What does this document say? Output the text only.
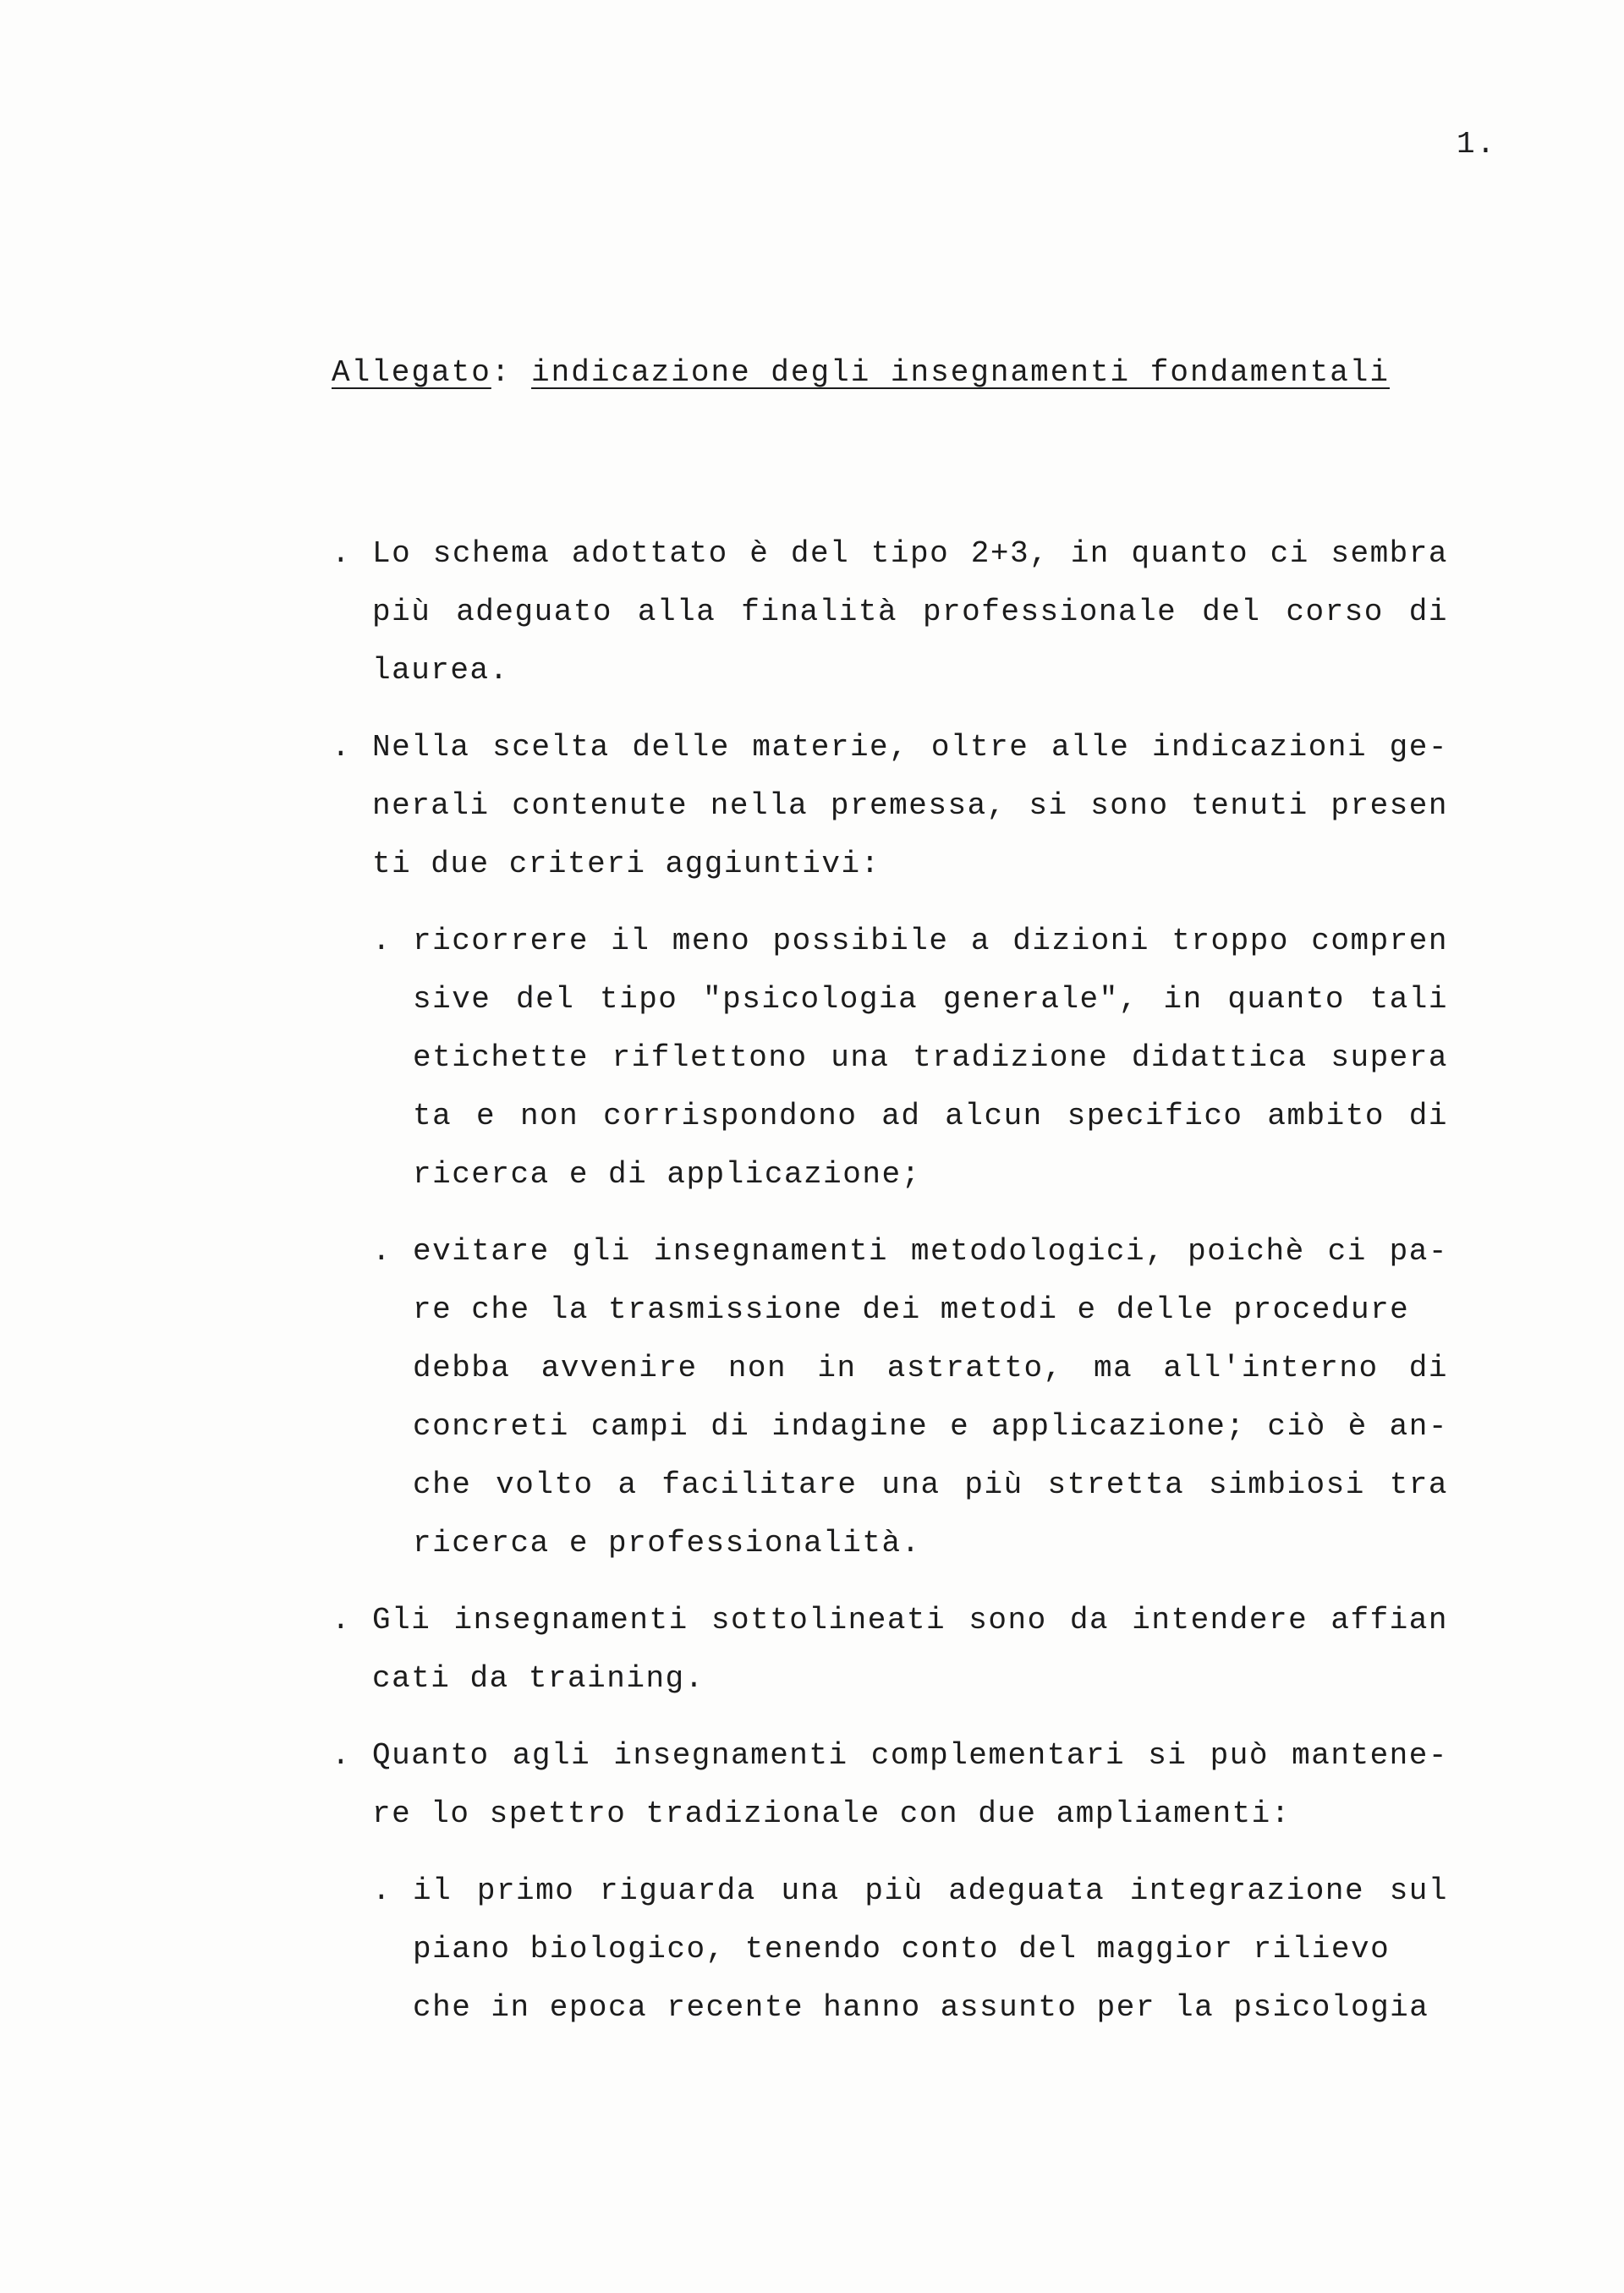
1.
Allegato: indicazione degli insegnamenti fondamentali
. Lo schema adottato è del tipo 2+3, in quanto ci sembra
più adeguato alla finalità professionale del corso di
laurea.
. Nella scelta delle materie, oltre alle indicazioni ge-
nerali contenute nella premessa, si sono tenuti presen
ti due criteri aggiuntivi:
. ricorrere il meno possibile a dizioni troppo compren
sive del tipo "psicologia generale", in quanto tali
etichette riflettono una tradizione didattica supera
ta e non corrispondono ad alcun specifico ambito di
ricerca e di applicazione;
. evitare gli insegnamenti metodologici, poichè ci pa-
re che la trasmissione dei metodi e delle procedure
debba avvenire non in astratto, ma all'interno di
concreti campi di indagine e applicazione; ciò è an-
che volto a facilitare una più stretta simbiosi tra
ricerca e professionalità.
. Gli insegnamenti sottolineati sono da intendere affian
cati da training.
. Quanto agli insegnamenti complementari si può mantene-
re lo spettro tradizionale con due ampliamenti:
. il primo riguarda una più adeguata integrazione sul
piano biologico, tenendo conto del maggior rilievo
che in epoca recente hanno assunto per la psicologia
